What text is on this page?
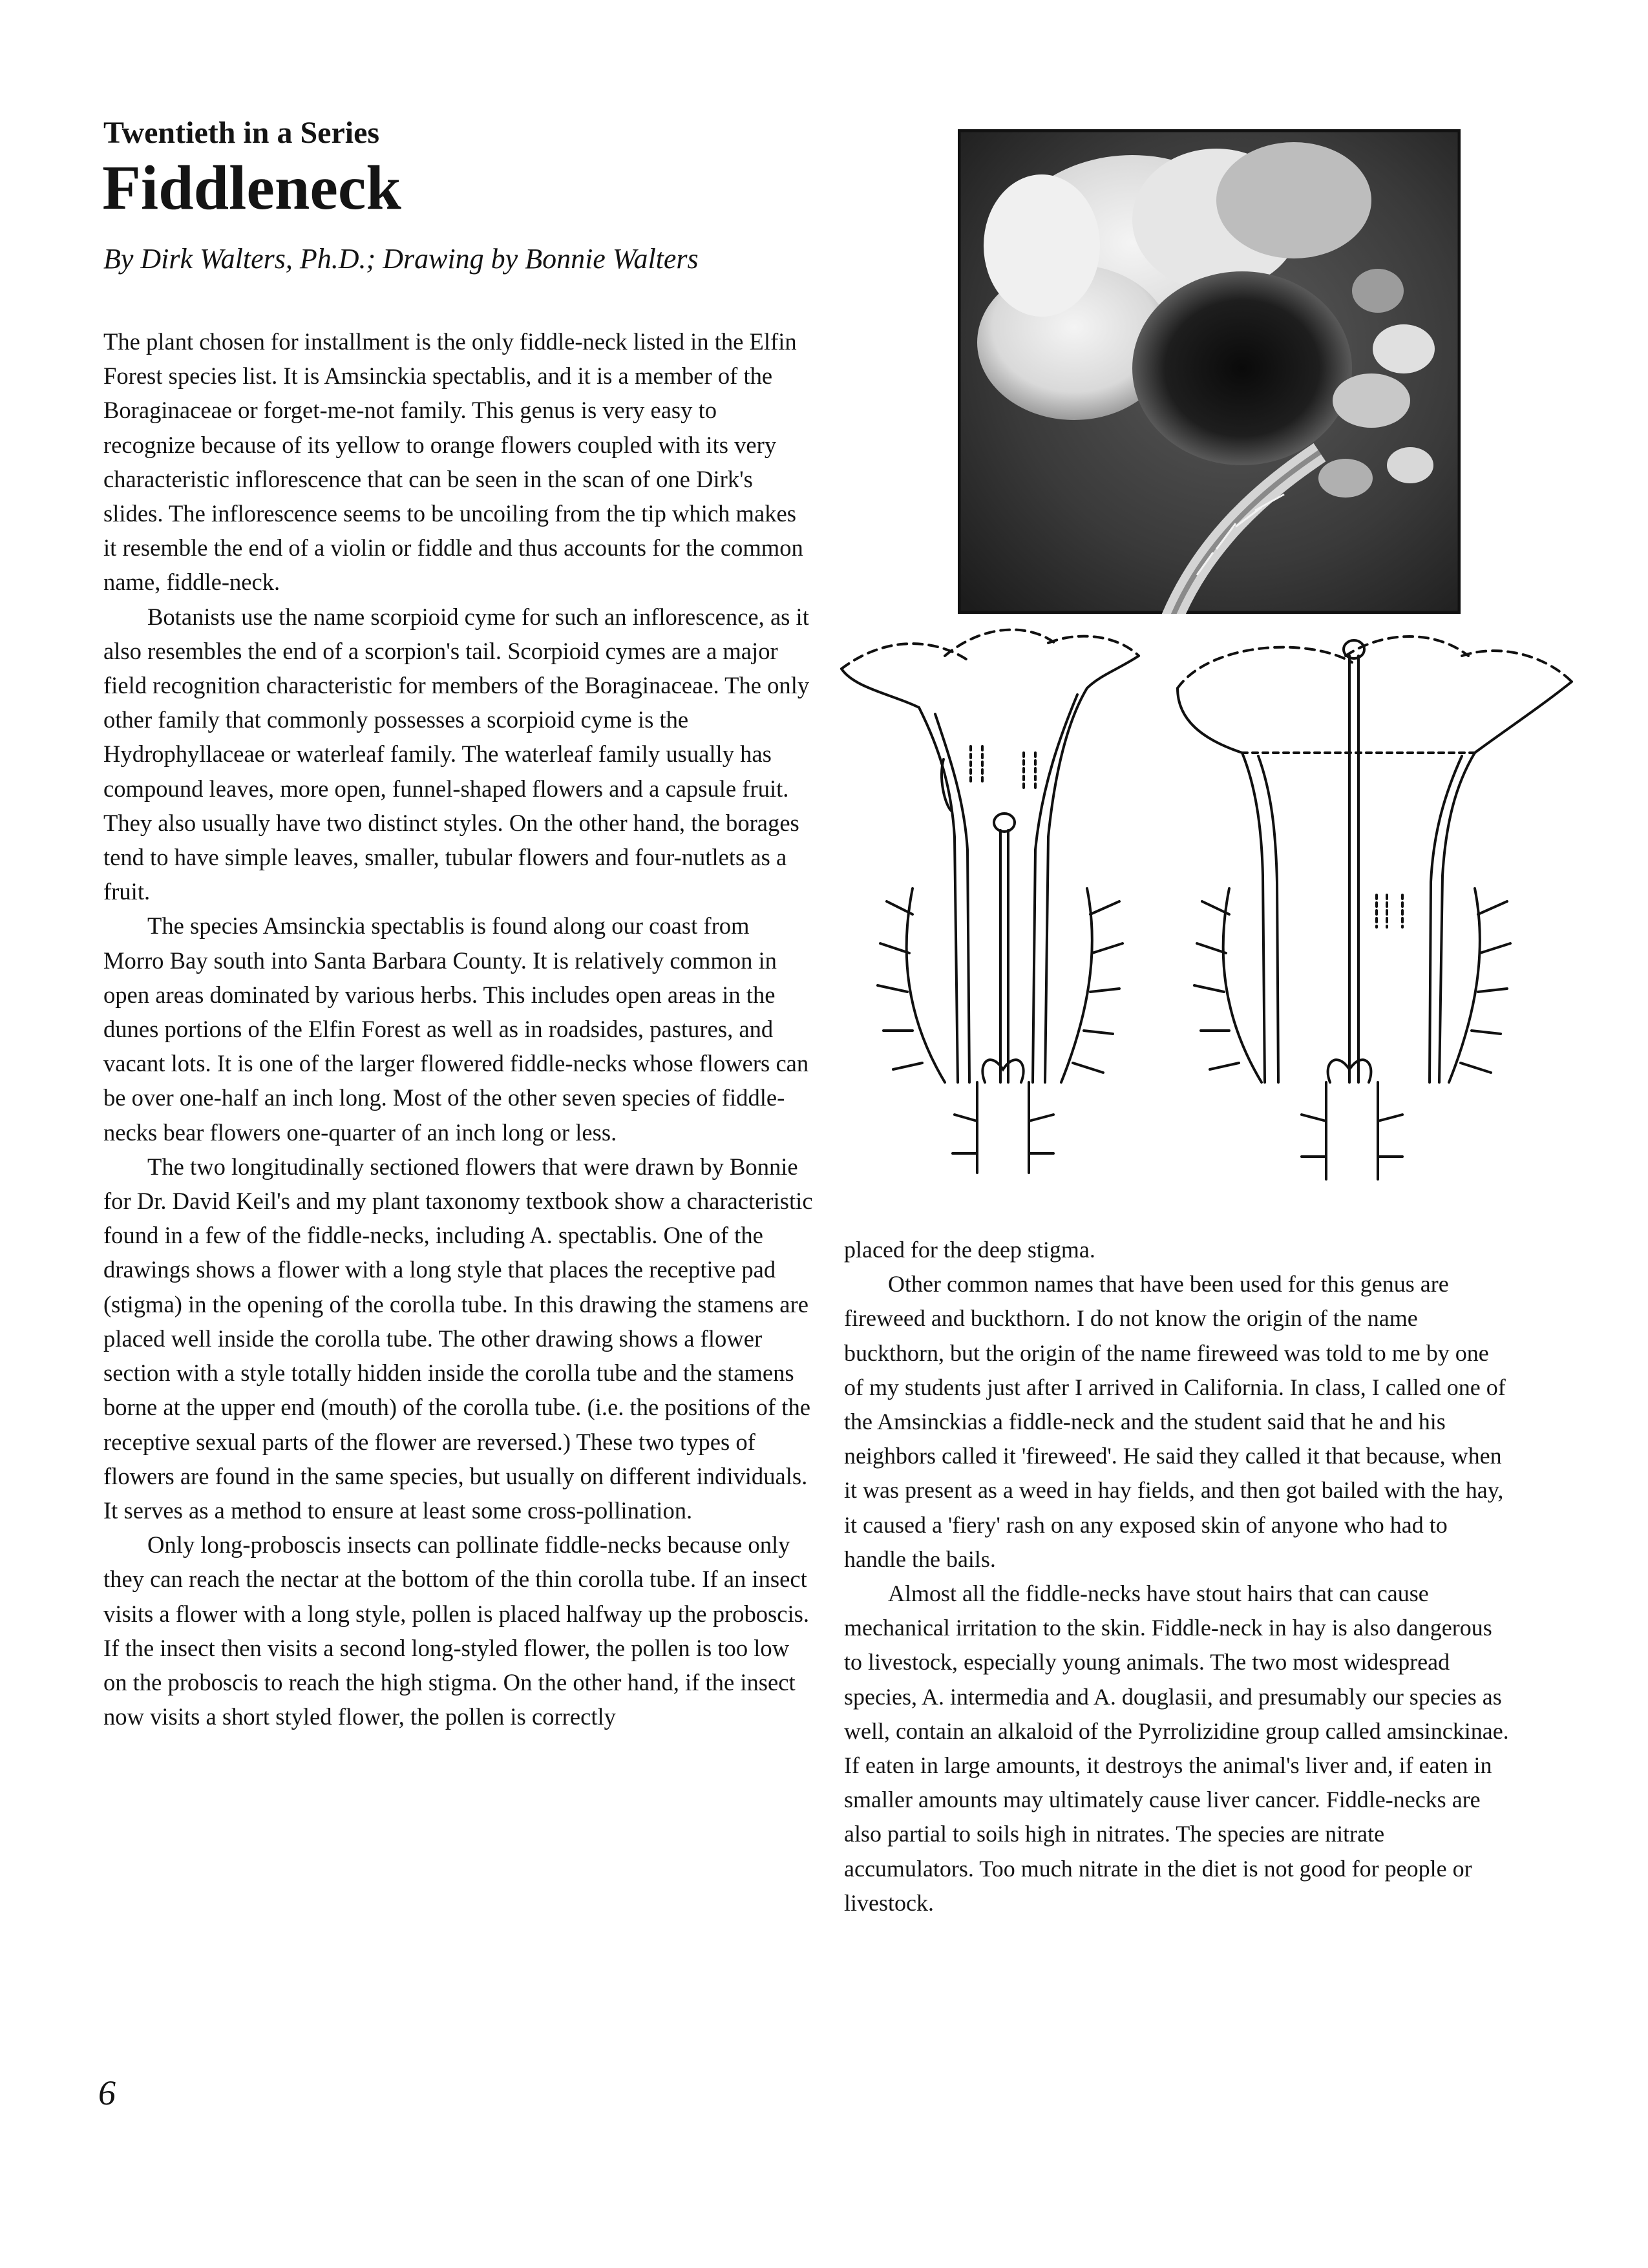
Twentieth in a Series
Fiddleneck

By Dirk Walters, Ph.D.; Drawing by Bonnie Walters

The plant chosen for installment is the only fiddle-neck listed in the Elfin Forest species list. It is Amsinckia spectablis, and it is a member of the Boraginaceae or forget-me-not family. This genus is very easy to recognize because of its yellow to orange flowers coupled with its very characteristic inflorescence that can be seen in the scan of one Dirk's slides. The inflorescence seems to be uncoiling from the tip which makes it resemble the end of a violin or fiddle and thus accounts for the common name, fiddle-neck.

Botanists use the name scorpioid cyme for such an inflorescence, as it also resembles the end of a scorpion's tail. Scorpioid cymes are a major field recognition characteristic for members of the Boraginaceae. The only other family that commonly possesses a scorpioid cyme is the Hydrophyllaceae or waterleaf family. The waterleaf family usually has compound leaves, more open, funnel-shaped flowers and a capsule fruit. They also usually have two distinct styles. On the other hand, the borages tend to have simple leaves, smaller, tubular flowers and four-nutlets as a fruit.

The species Amsinckia spectablis is found along our coast from Morro Bay south into Santa Barbara County. It is relatively common in open areas dominated by various herbs. This includes open areas in the dunes portions of the Elfin Forest as well as in roadsides, pastures, and vacant lots. It is one of the larger flowered fiddle-necks whose flowers can be over one-half an inch long. Most of the other seven species of fiddle-necks bear flowers one-quarter of an inch long or less.

The two longitudinally sectioned flowers that were drawn by Bonnie for Dr. David Keil's and my plant taxonomy textbook show a characteristic found in a few of the fiddle-necks, including A. spectablis. One of the drawings shows a flower with a long style that places the receptive pad (stigma) in the opening of the corolla tube. In this drawing the stamens are placed well inside the corolla tube. The other drawing shows a flower section with a style totally hidden inside the corolla tube and the stamens borne at the upper end (mouth) of the corolla tube. (i.e. the positions of the receptive sexual parts of the flower are reversed.) These two types of flowers are found in the same species, but usually on different individuals. It serves as a method to ensure at least some cross-pollination.

Only long-proboscis insects can pollinate fiddle-necks because only they can reach the nectar at the bottom of the thin corolla tube. If an insect visits a flower with a long style, pollen is placed halfway up the proboscis. If the insect then visits a second long-styled flower, the pollen is too low on the proboscis to reach the high stigma. On the other hand, if the insect now visits a short styled flower, the pollen is correctly

placed for the deep stigma.

Other common names that have been used for this genus are fireweed and buckthorn. I do not know the origin of the name buckthorn, but the origin of the name fireweed was told to me by one of my students just after I arrived in California. In class, I called one of the Amsinckias a fiddle-neck and the student said that he and his neighbors called it 'fireweed'. He said they called it that because, when it was present as a weed in hay fields, and then got bailed with the hay, it caused a 'fiery' rash on any exposed skin of anyone who had to handle the bails.

Almost all the fiddle-necks have stout hairs that can cause mechanical irritation to the skin. Fiddle-neck in hay is also dangerous to livestock, especially young animals. The two most widespread species, A. intermedia and A. douglasii, and presumably our species as well, contain an alkaloid of the Pyrrolizidine group called amsinckinae. If eaten in large amounts, it destroys the animal's liver and, if eaten in smaller amounts may ultimately cause liver cancer. Fiddle-necks are also partial to soils high in nitrates. The species are nitrate accumulators. Too much nitrate in the diet is not good for people or livestock.

6
